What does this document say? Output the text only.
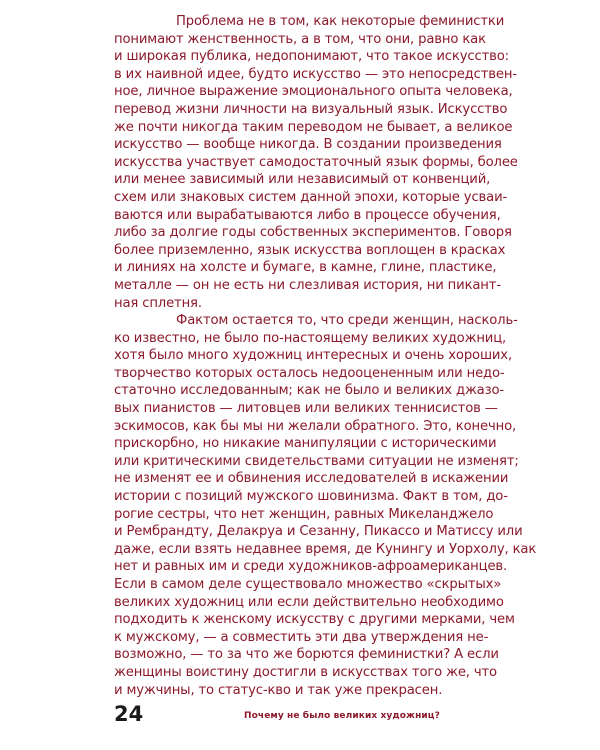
Проблема не в том, как некоторые феминистки
понимают женственность, а в том, что они, равно как
и широкая публика, недопонимают, что такое искусство:
в их наивной идее, будто искусство — это непосредствен-
ное, личное выражение эмоционального опыта человека,
перевод жизни личности на визуальный язык. Искусство
же почти никогда таким переводом не бывает, а великое
искусство — вообще никогда. В создании произведения
искусства участвует самодостаточный язык формы, более
или менее зависимый или независимый от конвенций,
схем или знаковых систем данной эпохи, которые усваи-
ваются или вырабатываются либо в процессе обучения,
либо за долгие годы собственных экспериментов. Говоря
более приземленно, язык искусства воплощен в красках
и линиях на холсте и бумаге, в камне, глине, пластике,
металле — он не есть ни слезливая история, ни пикант-
ная сплетня.
Фактом остается то, что среди женщин, насколь-
ко известно, не было по-настоящему великих художниц,
хотя было много художниц интересных и очень хороших,
творчество которых осталось недооцененным или недо-
статочно исследованным; как не было и великих джазо-
вых пианистов — литовцев или великих теннисистов —
эскимосов, как бы мы ни желали обратного. Это, конечно,
прискорбно, но никакие манипуляции с историческими
или критическими свидетельствами ситуации не изменят;
не изменят ее и обвинения исследователей в искажении
истории с позиций мужского шовинизма. Факт в том, до-
рогие сестры, что нет женщин, равных Микеланджело
и Рембрандту, Делакруа и Сезанну, Пикассо и Матиссу или
даже, если взять недавнее время, де Кунингу и Уорхолу, как
нет и равных им и среди художников-афроамериканцев.
Если в самом деле существовало множество «скрытых»
великих художниц или если действительно необходимо
подходить к женскому искусству с другими мерками, чем
к мужскому, — а совместить эти два утверждения не-
возможно, — то за что же борются феминистки? А если
женщины воистину достигли в искусствах того же, что
и мужчины, то статус-кво и так уже прекрасен.
24	Почему не было великих художниц?
